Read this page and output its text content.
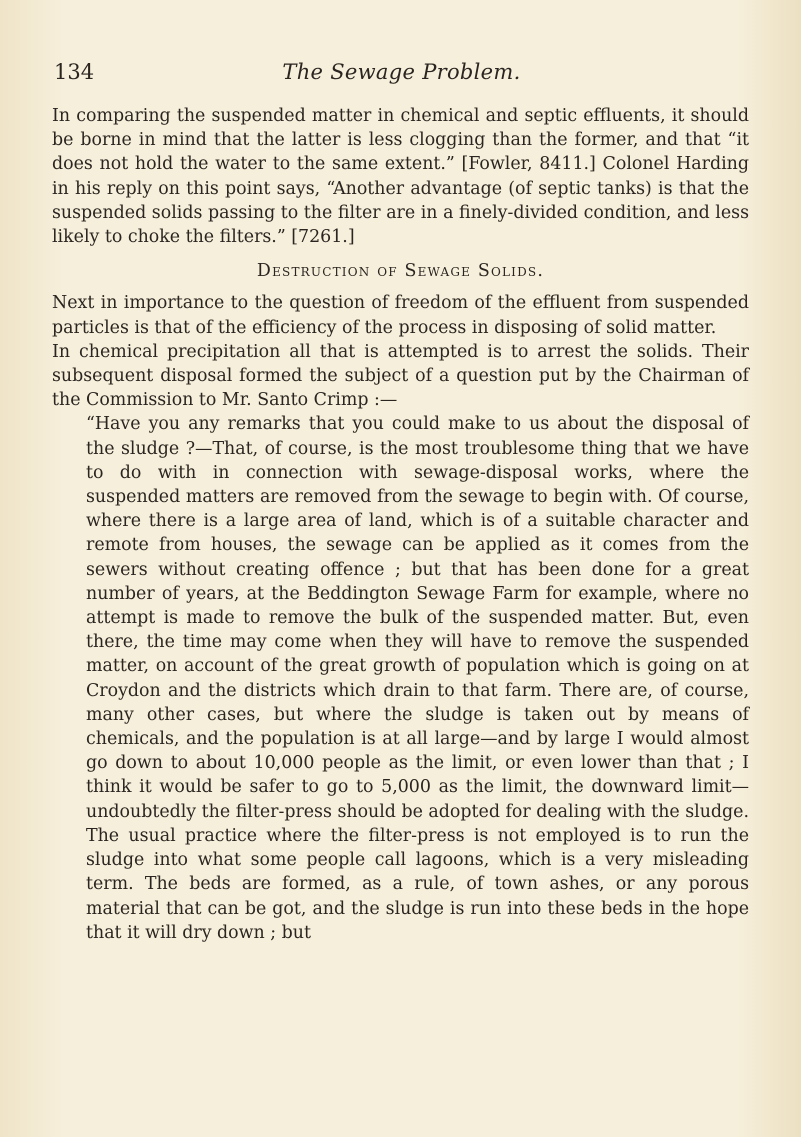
134	The Sewage Problem.

In comparing the suspended matter in chemical and septic effluents, it should be borne in mind that the latter is less clogging than the former, and that “it does not hold the water to the same extent.” [Fowler, 8411.] Colonel Harding in his reply on this point says, “Another advantage (of septic tanks) is that the suspended solids passing to the filter are in a finely-divided condition, and less likely to choke the filters.” [7261.]

Destruction of Sewage Solids.

Next in importance to the question of freedom of the effluent from suspended particles is that of the efficiency of the process in disposing of solid matter.

In chemical precipitation all that is attempted is to arrest the solids. Their subsequent disposal formed the subject of a question put by the Chairman of the Commission to Mr. Santo Crimp :—

“Have you any remarks that you could make to us about the disposal of the sludge ?—That, of course, is the most troublesome thing that we have to do with in connection with sewage-disposal works, where the suspended matters are removed from the sewage to begin with. Of course, where there is a large area of land, which is of a suitable character and remote from houses, the sewage can be applied as it comes from the sewers without creating offence ; but that has been done for a great number of years, at the Beddington Sewage Farm for example, where no attempt is made to remove the bulk of the suspended matter. But, even there, the time may come when they will have to remove the suspended matter, on account of the great growth of population which is going on at Croydon and the districts which drain to that farm. There are, of course, many other cases, but where the sludge is taken out by means of chemicals, and the population is at all large—and by large I would almost go down to about 10,000 people as the limit, or even lower than that ; I think it would be safer to go to 5,000 as the limit, the downward limit—undoubtedly the filter-press should be adopted for dealing with the sludge. The usual practice where the filter-press is not employed is to run the sludge into what some people call lagoons, which is a very misleading term. The beds are formed, as a rule, of town ashes, or any porous material that can be got, and the sludge is run into these beds in the hope that it will dry down ; but
